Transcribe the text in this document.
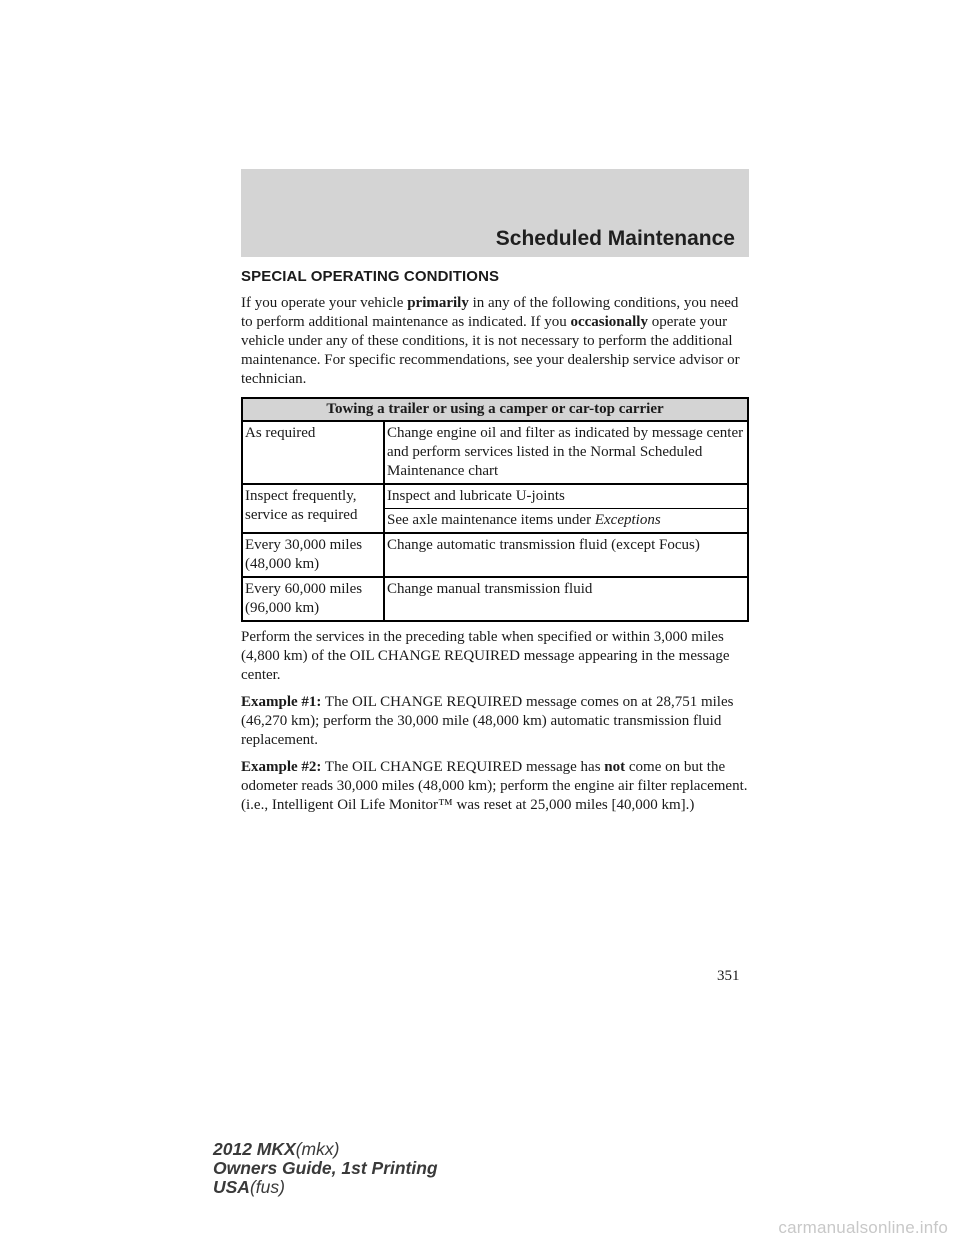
Scheduled Maintenance
SPECIAL OPERATING CONDITIONS

If you operate your vehicle primarily in any of the following conditions, you need to perform additional maintenance as indicated. If you occasionally operate your vehicle under any of these conditions, it is not necessary to perform the additional maintenance. For specific recommendations, see your dealership service advisor or technician.

Towing a trailer or using a camper or car-top carrier	
As required	Change engine oil and filter as indicated by message center and perform services listed in the Normal Scheduled Maintenance chart
Inspect frequently, service as required	Inspect and lubricate U-joints
	See axle maintenance items under Exceptions
Every 30,000 miles (48,000 km)	Change automatic transmission fluid (except Focus)
Every 60,000 miles (96,000 km)	Change manual transmission fluid

Perform the services in the preceding table when specified or within 3,000 miles (4,800 km) of the OIL CHANGE REQUIRED message appearing in the message center.

Example #1: The OIL CHANGE REQUIRED message comes on at 28,751 miles (46,270 km); perform the 30,000 mile (48,000 km) automatic transmission fluid replacement.

Example #2: The OIL CHANGE REQUIRED message has not come on but the odometer reads 30,000 miles (48,000 km); perform the engine air filter replacement. (i.e., Intelligent Oil Life Monitor™ was reset at 25,000 miles [40,000 km].)

351
2012 MKX(mkx)
Owners Guide, 1st Printing
USA(fus)
carmanualsonline.info
